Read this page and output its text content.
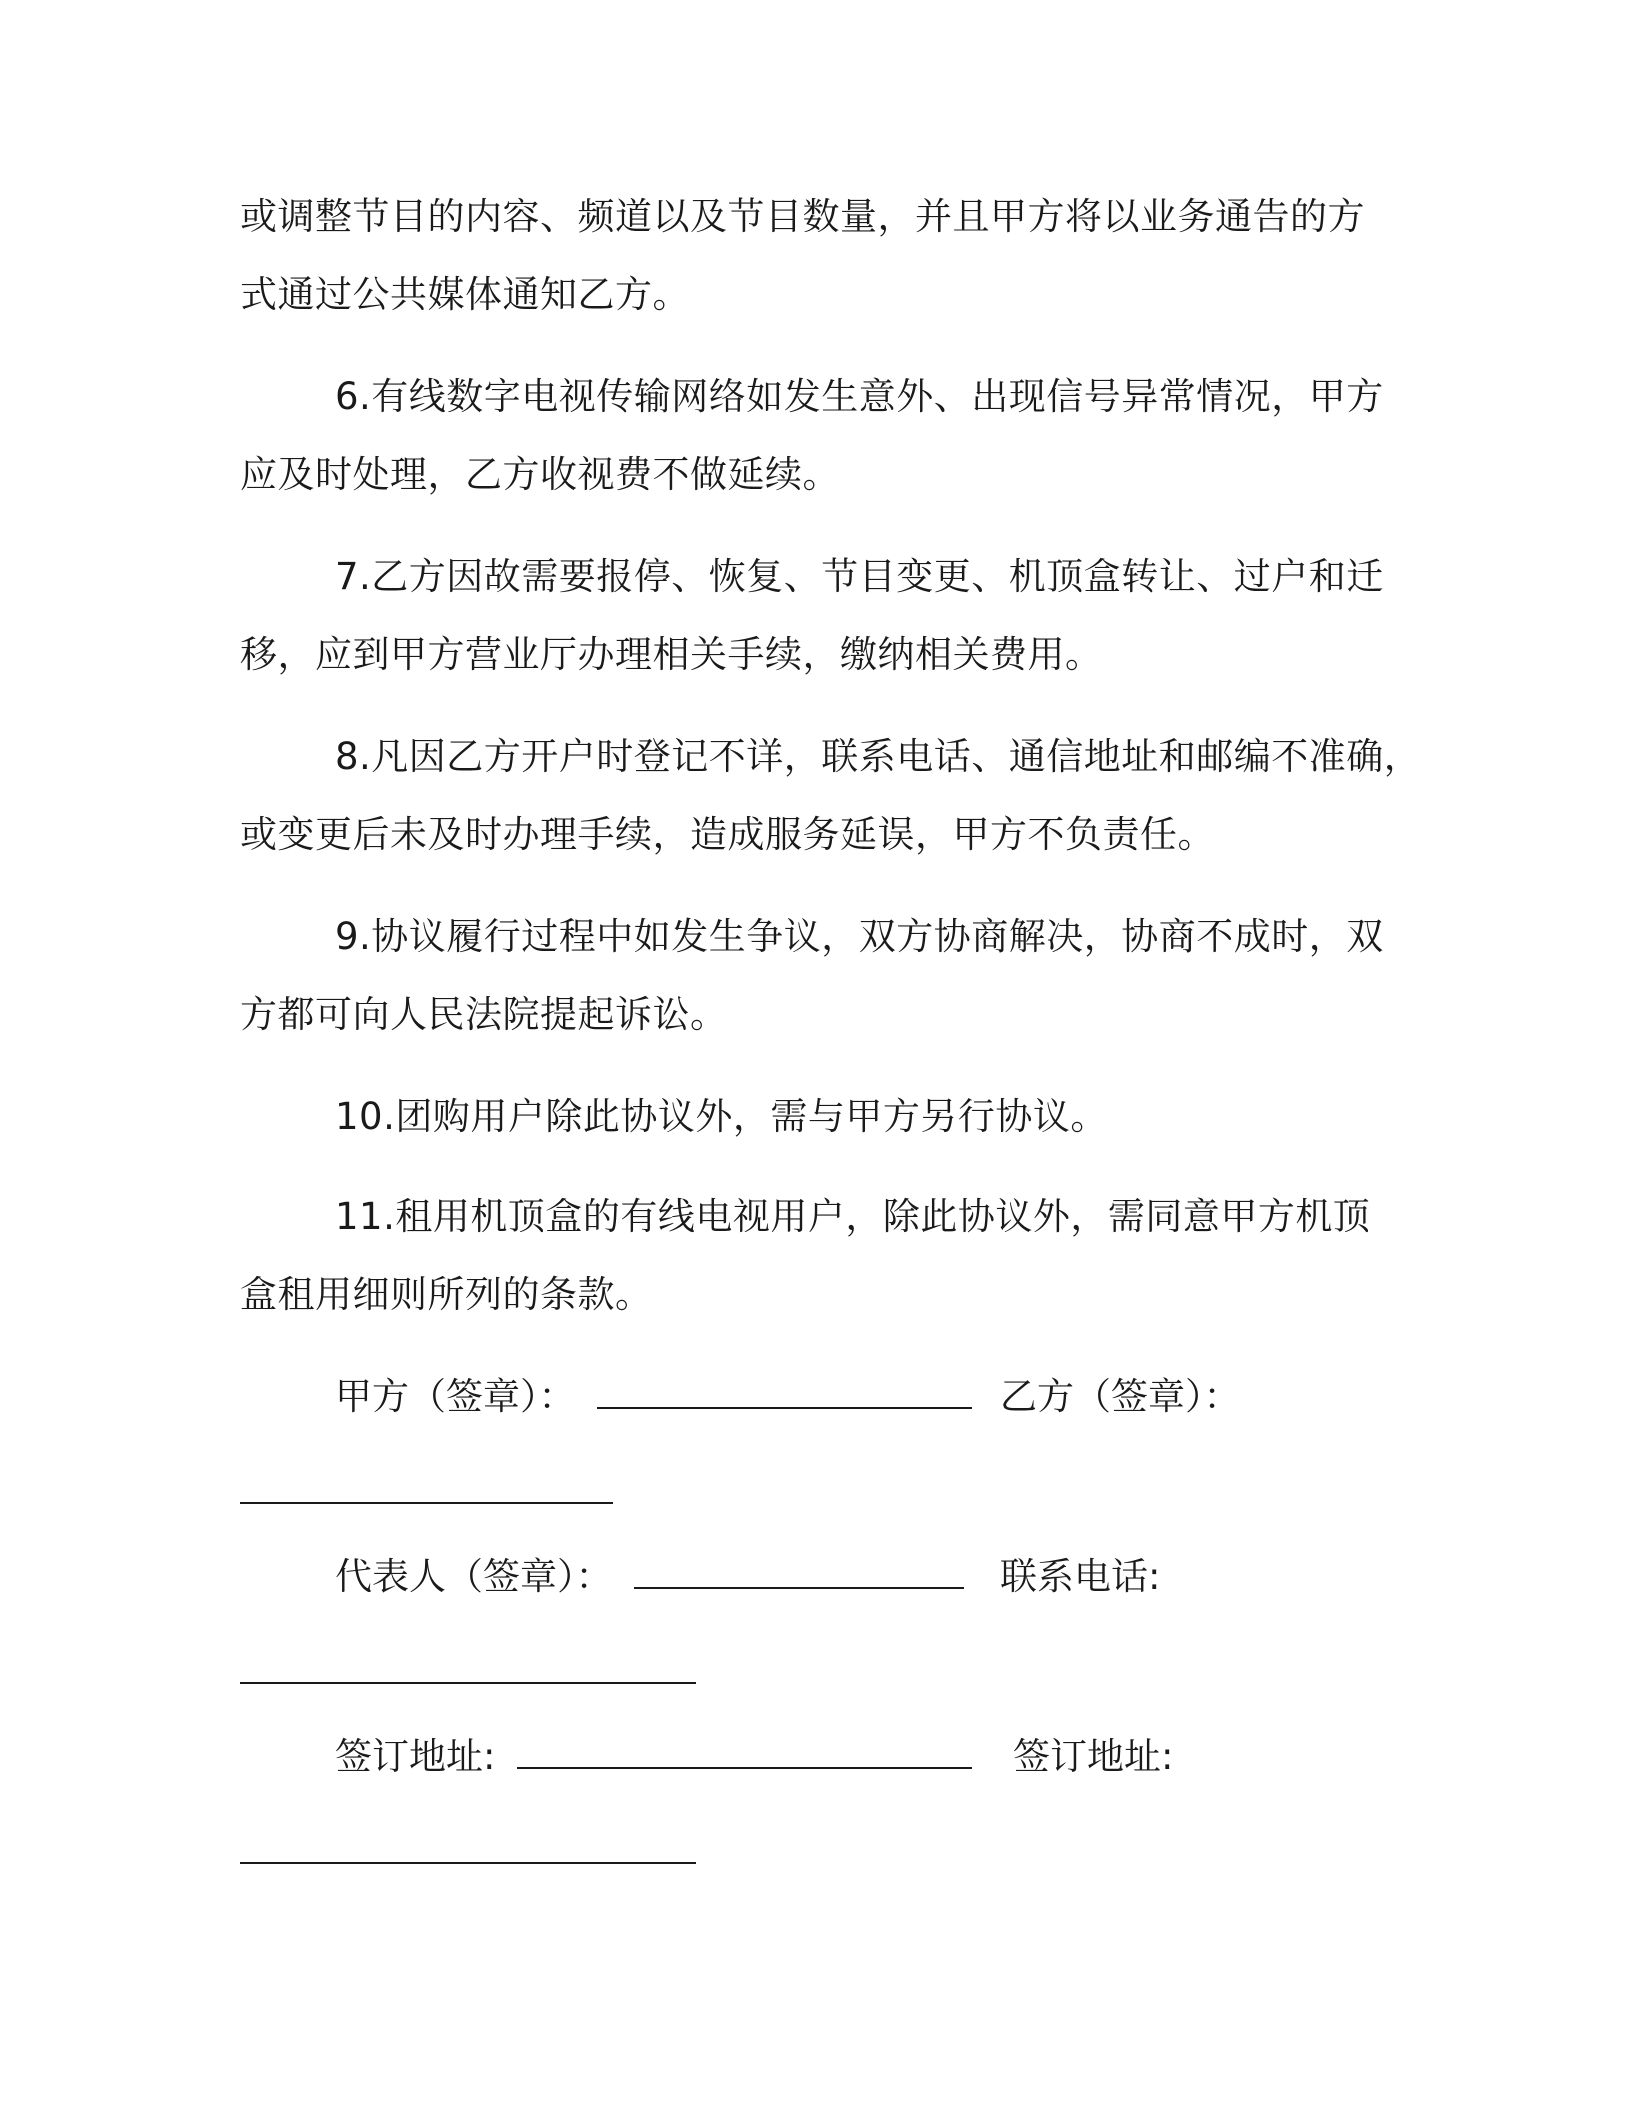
或调整节目的内容、频道以及节目数量，并且甲方将以业务通告的方
式通过公共媒体通知乙方。
6.有线数字电视传输网络如发生意外、出现信号异常情况，甲方
应及时处理，乙方收视费不做延续。
7.乙方因故需要报停、恢复、节目变更、机顶盒转让、过户和迁
移，应到甲方营业厅办理相关手续，缴纳相关费用。
8.凡因乙方开户时登记不详，联系电话、通信地址和邮编不准确，
或变更后未及时办理手续，造成服务延误，甲方不负责任。
9.协议履行过程中如发生争议，双方协商解决，协商不成时，双
方都可向人民法院提起诉讼。
10.团购用户除此协议外，需与甲方另行协议。
11.租用机顶盒的有线电视用户，除此协议外，需同意甲方机顶
盒租用细则所列的条款。
甲方（签章）：	乙方（签章）：
代表人（签章）：	联系电话:
签订地址:	签订地址:
